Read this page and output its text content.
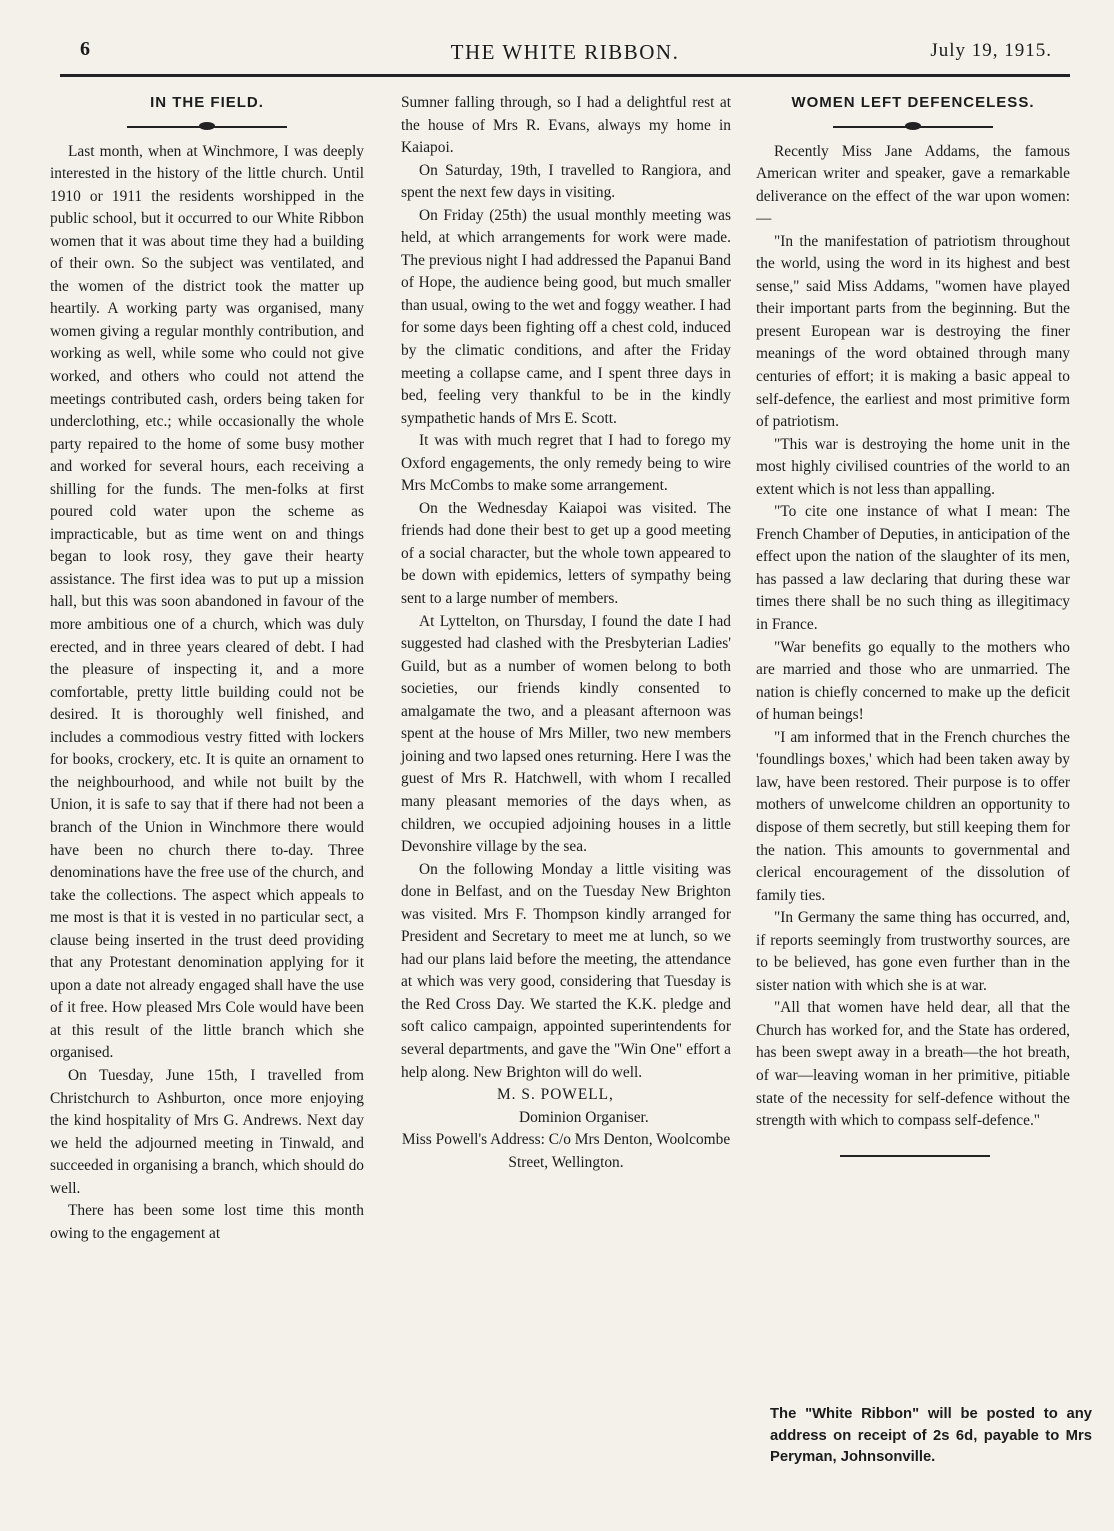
6	THE WHITE RIBBON.	July 19, 1915.
IN THE FIELD.

Last month, when at Winchmore, I was deeply interested in the history of the little church. Until 1910 or 1911 the residents worshipped in the public school, but it occurred to our White Ribbon women that it was about time they had a building of their own. So the subject was ventilated, and the women of the district took the matter up heartily. A working party was organised, many women giving a regular monthly contribution, and working as well, while some who could not give worked, and others who could not attend the meetings contributed cash, orders being taken for underclothing, etc.; while occasionally the whole party repaired to the home of some busy mother and worked for several hours, each receiving a shilling for the funds. The men-folks at first poured cold water upon the scheme as impracticable, but as time went on and things began to look rosy, they gave their hearty assistance. The first idea was to put up a mission hall, but this was soon abandoned in favour of the more ambitious one of a church, which was duly erected, and in three years cleared of debt. I had the pleasure of inspecting it, and a more comfortable, pretty little building could not be desired. It is thoroughly well finished, and includes a commodious vestry fitted with lockers for books, crockery, etc. It is quite an ornament to the neighbourhood, and while not built by the Union, it is safe to say that if there had not been a branch of the Union in Winchmore there would have been no church there to-day. Three denominations have the free use of the church, and take the collections. The aspect which appeals to me most is that it is vested in no particular sect, a clause being inserted in the trust deed providing that any Protestant denomination applying for it upon a date not already engaged shall have the use of it free. How pleased Mrs Cole would have been at this result of the little branch which she organised.

On Tuesday, June 15th, I travelled from Christchurch to Ashburton, once more enjoying the kind hospitality of Mrs G. Andrews. Next day we held the adjourned meeting in Tinwald, and succeeded in organising a branch, which should do well.

There has been some lost time this month owing to the engagement at

Sumner falling through, so I had a delightful rest at the house of Mrs R. Evans, always my home in Kaiapoi.

On Saturday, 19th, I travelled to Rangiora, and spent the next few days in visiting.

On Friday (25th) the usual monthly meeting was held, at which arrangements for work were made. The previous night I had addressed the Papanui Band of Hope, the audience being good, but much smaller than usual, owing to the wet and foggy weather. I had for some days been fighting off a chest cold, induced by the climatic conditions, and after the Friday meeting a collapse came, and I spent three days in bed, feeling very thankful to be in the kindly sympathetic hands of Mrs E. Scott.

It was with much regret that I had to forego my Oxford engagements, the only remedy being to wire Mrs McCombs to make some arrangement.

On the Wednesday Kaiapoi was visited. The friends had done their best to get up a good meeting of a social character, but the whole town appeared to be down with epidemics, letters of sympathy being sent to a large number of members.

At Lyttelton, on Thursday, I found the date I had suggested had clashed with the Presbyterian Ladies' Guild, but as a number of women belong to both societies, our friends kindly consented to amalgamate the two, and a pleasant afternoon was spent at the house of Mrs Miller, two new members joining and two lapsed ones returning. Here I was the guest of Mrs R. Hatchwell, with whom I recalled many pleasant memories of the days when, as children, we occupied adjoining houses in a little Devonshire village by the sea.

On the following Monday a little visiting was done in Belfast, and on the Tuesday New Brighton was visited. Mrs F. Thompson kindly arranged for President and Secretary to meet me at lunch, so we had our plans laid before the meeting, the attendance at which was very good, considering that Tuesday is the Red Cross Day. We started the K.K. pledge and soft calico campaign, appointed superintendents for several departments, and gave the "Win One" effort a help along. New Brighton will do well.

M. S. POWELL,

Dominion Organiser.

Miss Powell's Address: C/o Mrs Denton, Woolcombe Street, Wellington.

WOMEN LEFT DEFENCELESS.

Recently Miss Jane Addams, the famous American writer and speaker, gave a remarkable deliverance on the effect of the war upon women:—

"In the manifestation of patriotism throughout the world, using the word in its highest and best sense," said Miss Addams, "women have played their important parts from the beginning. But the present European war is destroying the finer meanings of the word obtained through many centuries of effort; it is making a basic appeal to self-defence, the earliest and most primitive form of patriotism.

"This war is destroying the home unit in the most highly civilised countries of the world to an extent which is not less than appalling.

"To cite one instance of what I mean: The French Chamber of Deputies, in anticipation of the effect upon the nation of the slaughter of its men, has passed a law declaring that during these war times there shall be no such thing as illegitimacy in France.

"War benefits go equally to the mothers who are married and those who are unmarried. The nation is chiefly concerned to make up the deficit of human beings!

"I am informed that in the French churches the 'foundlings boxes,' which had been taken away by law, have been restored. Their purpose is to offer mothers of unwelcome children an opportunity to dispose of them secretly, but still keeping them for the nation. This amounts to governmental and clerical encouragement of the dissolution of family ties.

"In Germany the same thing has occurred, and, if reports seemingly from trustworthy sources, are to be believed, has gone even further than in the sister nation with which she is at war.

"All that women have held dear, all that the Church has worked for, and the State has ordered, has been swept away in a breath—the hot breath, of war—leaving woman in her primitive, pitiable state of the necessity for self-defence without the strength with which to compass self-defence."

The "White Ribbon" will be posted to any address on receipt of 2s 6d, payable to Mrs Peryman, Johnsonville.
